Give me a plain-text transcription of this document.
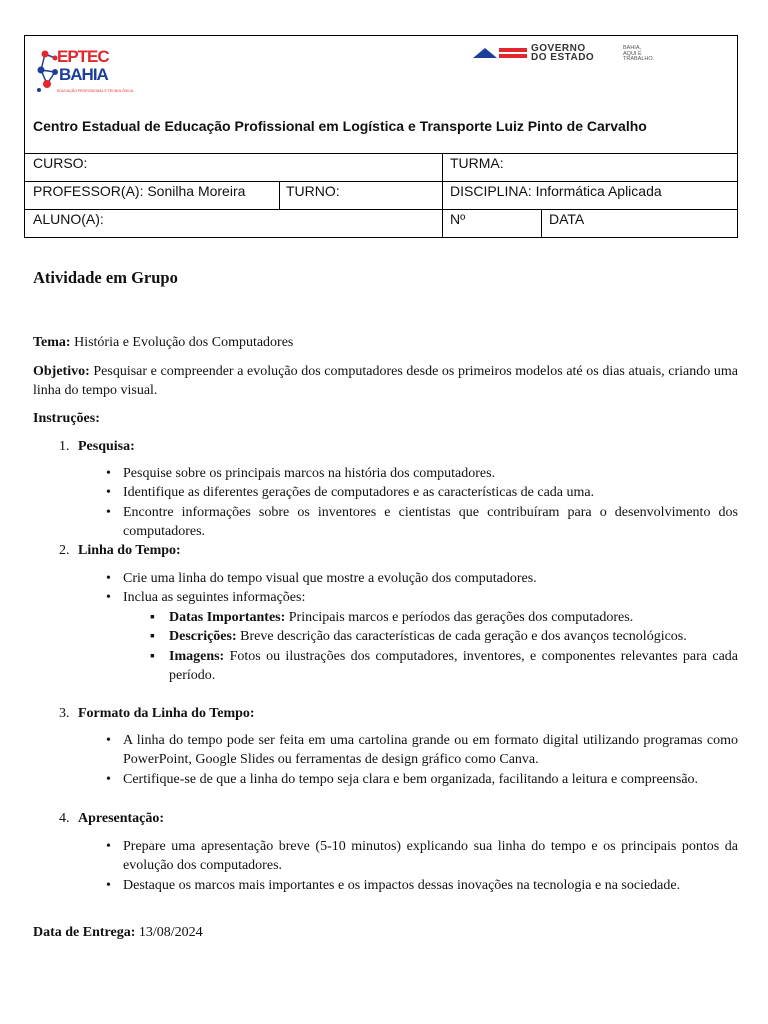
EPTEC
BAHIA
EDUCAÇÃO PROFISSIONAL E TECNOLÓGICA
GOVERNO
DO ESTADO
BAHIA,
AQUI É
TRABALHO.
Centro Estadual de Educação Profissional em Logística e Transporte Luiz Pinto de Carvalho
CURSO:	TURMA:
PROFESSOR(A): Sonilha Moreira	TURNO:	DISCIPLINA: Informática Aplicada
ALUNO(A):	Nº	DATA
Atividade em Grupo
Tema: História e Evolução dos Computadores
Objetivo: Pesquisar e compreender a evolução dos computadores desde os primeiros modelos até os dias atuais, criando uma linha do tempo visual.
Instruções:
1. Pesquisa:
• Pesquise sobre os principais marcos na história dos computadores.
• Identifique as diferentes gerações de computadores e as características de cada uma.
• Encontre informações sobre os inventores e cientistas que contribuíram para o desenvolvimento dos computadores.
2. Linha do Tempo:
• Crie uma linha do tempo visual que mostre a evolução dos computadores.
• Inclua as seguintes informações:
▪ Datas Importantes: Principais marcos e períodos das gerações dos computadores.
▪ Descrições: Breve descrição das características de cada geração e dos avanços tecnológicos.
▪ Imagens: Fotos ou ilustrações dos computadores, inventores, e componentes relevantes para cada período.
3. Formato da Linha do Tempo:
• A linha do tempo pode ser feita em uma cartolina grande ou em formato digital utilizando programas como PowerPoint, Google Slides ou ferramentas de design gráfico como Canva.
• Certifique-se de que a linha do tempo seja clara e bem organizada, facilitando a leitura e compreensão.
4. Apresentação:
• Prepare uma apresentação breve (5-10 minutos) explicando sua linha do tempo e os principais pontos da evolução dos computadores.
• Destaque os marcos mais importantes e os impactos dessas inovações na tecnologia e na sociedade.
Data de Entrega: 13/08/2024
